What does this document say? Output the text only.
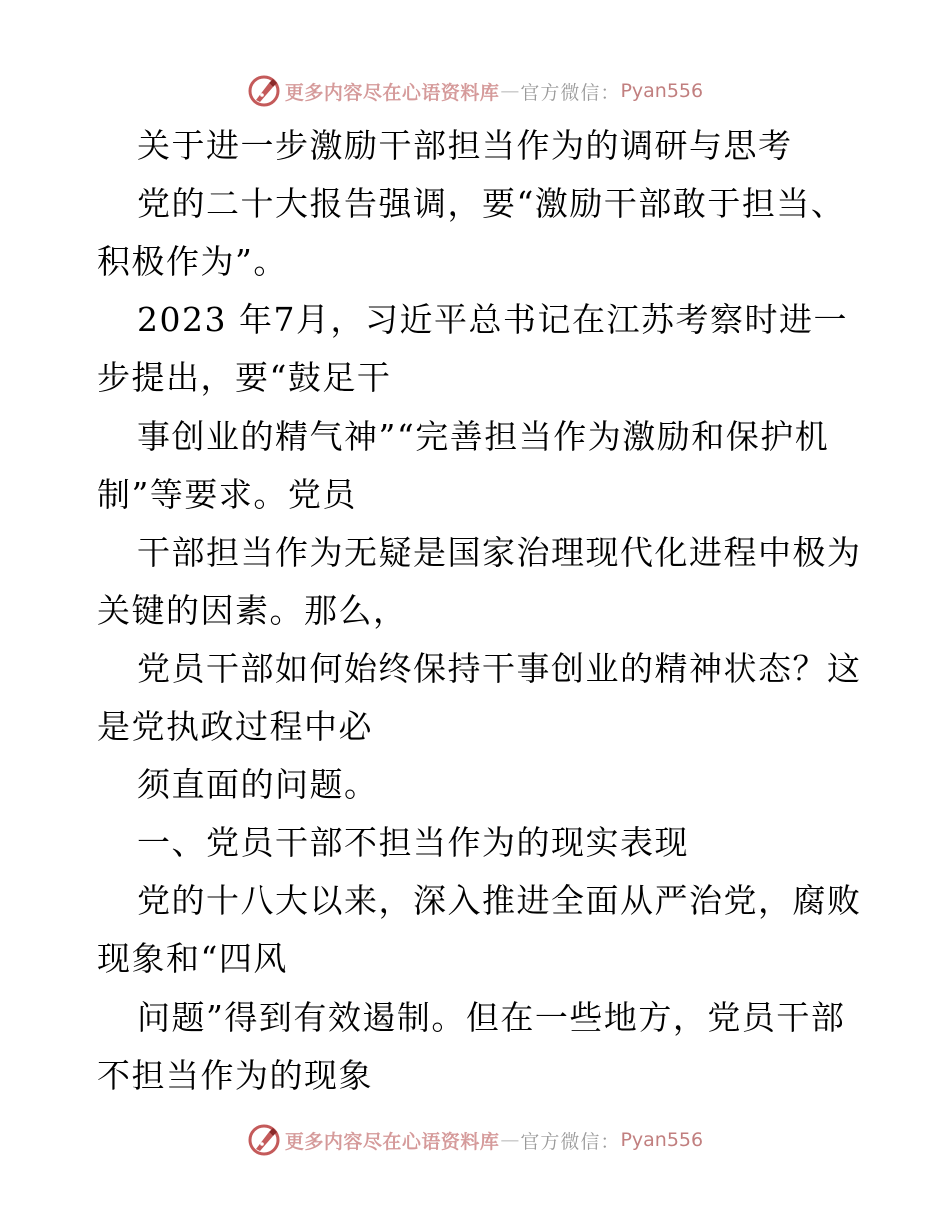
更多内容尽在心语资料库 — 官方微信： Pyan556
关于进一步激励干部担当作为的调研与思考
党的二十大报告强调，要“激励干部敢于担当、
积极作为”。
2023 年7月，习近平总书记在江苏考察时进一
步提出，要“鼓足干
事创业的精气神”“完善担当作为激励和保护机
制”等要求。党员
干部担当作为无疑是国家治理现代化进程中极为
关键的因素。那么，
党员干部如何始终保持干事创业的精神状态？这
是党执政过程中必
须直面的问题。
一、党员干部不担当作为的现实表现
党的十八大以来，深入推进全面从严治党，腐败
现象和“四风
问题”得到有效遏制。但在一些地方，党员干部
不担当作为的现象
更多内容尽在心语资料库 — 官方微信： Pyan556
